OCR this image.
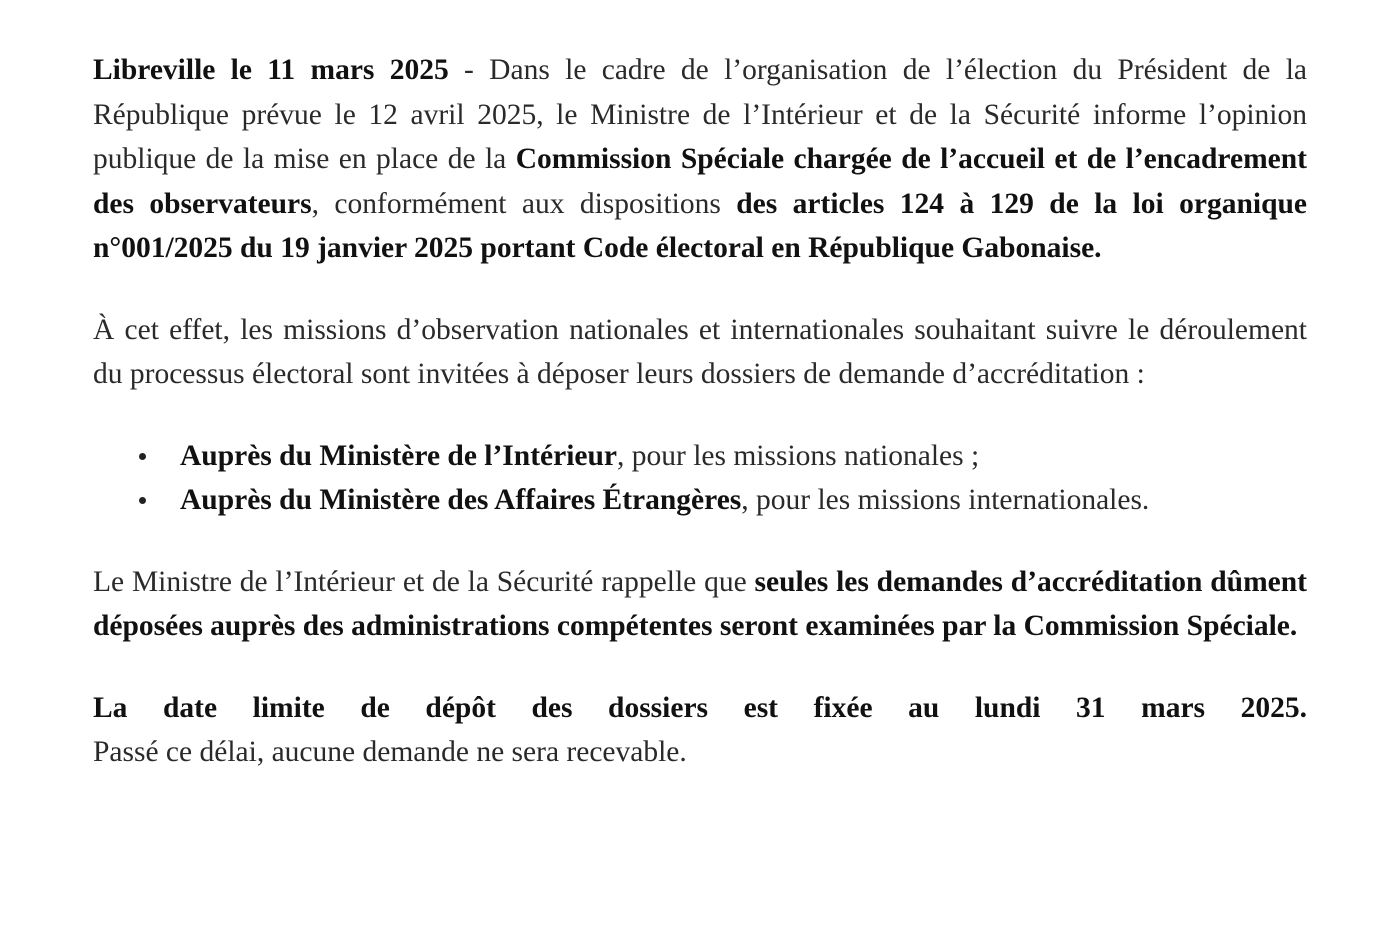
Libreville le 11 mars 2025 - Dans le cadre de l’organisation de l’élection du Président de la République prévue le 12 avril 2025, le Ministre de l’Intérieur et de la Sécurité informe l’opinion publique de la mise en place de la Commission Spéciale chargée de l’accueil et de l’encadrement des observateurs, conformément aux dispositions des articles 124 à 129 de la loi organique n°001/2025 du 19 janvier 2025 portant Code électoral en République Gabonaise.

À cet effet, les missions d’observation nationales et internationales souhaitant suivre le déroulement du processus électoral sont invitées à déposer leurs dossiers de demande d’accréditation :

Auprès du Ministère de l’Intérieur, pour les missions nationales ;
Auprès du Ministère des Affaires Étrangères, pour les missions internationales.

Le Ministre de l’Intérieur et de la Sécurité rappelle que seules les demandes d’accréditation dûment déposées auprès des administrations compétentes seront examinées par la Commission Spéciale.

La date limite de dépôt des dossiers est fixée au lundi 31 mars 2025.
Passé ce délai, aucune demande ne sera recevable.
